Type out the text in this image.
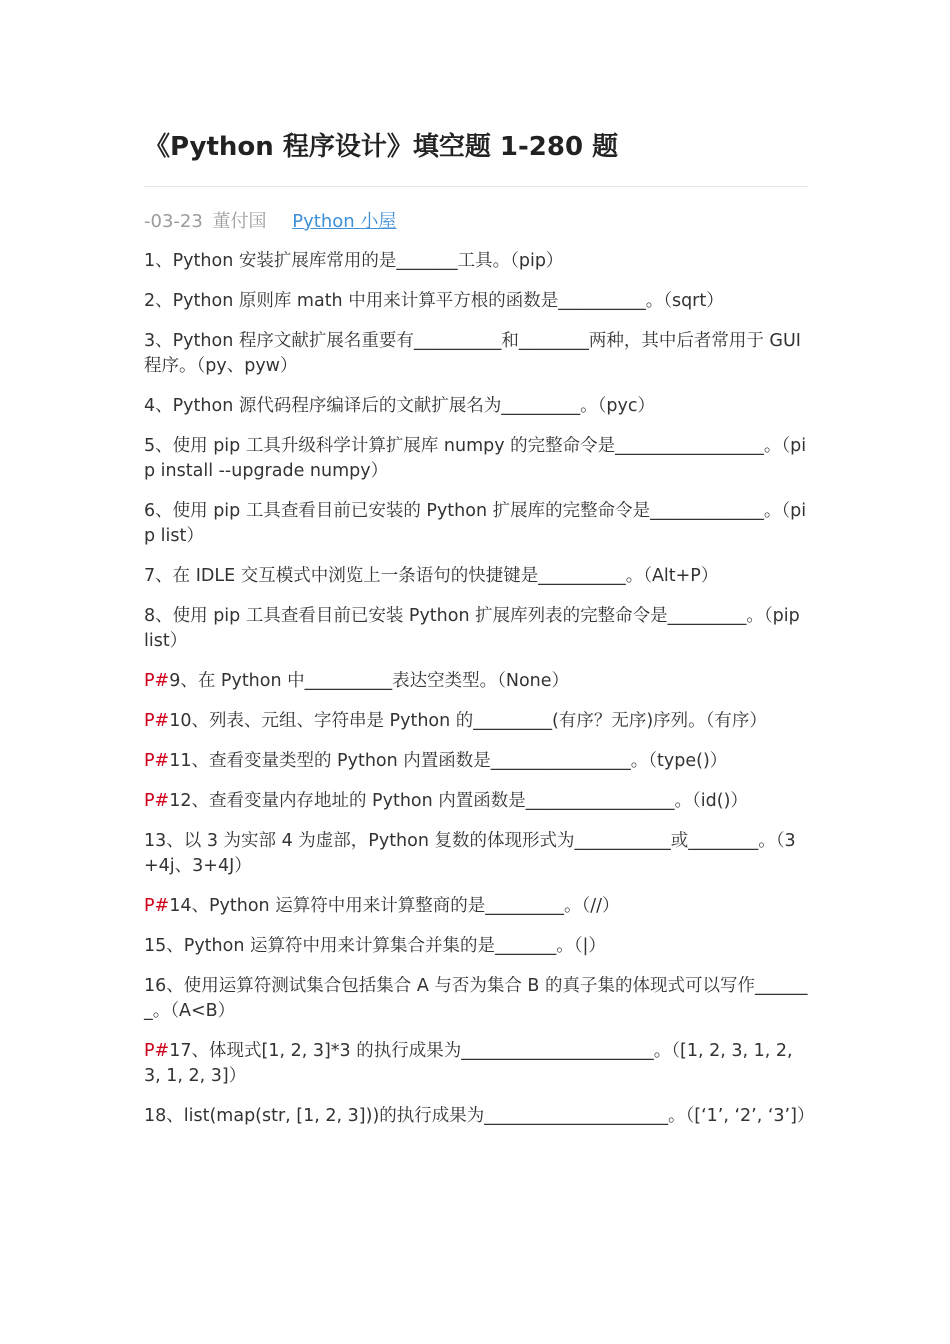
《Python 程序设计》填空题 1-280 题
-03-23 董付国 Python 小屋

1、Python 安装扩展库常用的是_______工具。（pip）

2、Python 原则库 math 中用来计算平方根的函数是__________。（sqrt）

3、Python 程序文献扩展名重要有__________和________两种，其中后者常用于 GUI 程序。（py、pyw）

4、Python 源代码程序编译后的文献扩展名为_________。（pyc）

5、使用 pip 工具升级科学计算扩展库 numpy 的完整命令是_________________。（pip install --upgrade numpy）

6、使用 pip 工具查看目前已安装的 Python 扩展库的完整命令是_____________。（pip list）

7、在 IDLE 交互模式中浏览上一条语句的快捷键是__________。（Alt+P）

8、使用 pip 工具查看目前已安装 Python 扩展库列表的完整命令是_________。（pip list）

P#9、在 Python 中__________表达空类型。（None）

P#10、列表、元组、字符串是 Python 的_________(有序？无序)序列。（有序）

P#11、查看变量类型的 Python 内置函数是________________。（type()）

P#12、查看变量内存地址的 Python 内置函数是_________________。（id()）

13、以 3 为实部 4 为虚部，Python 复数的体现形式为___________或________。（3+4j、3+4J）

P#14、Python 运算符中用来计算整商的是_________。（//）

15、Python 运算符中用来计算集合并集的是_______。（|）

16、使用运算符测试集合包括集合 A 与否为集合 B 的真子集的体现式可以写作_______。（A<B）

P#17、体现式[1, 2, 3]*3 的执行成果为______________________。（[1, 2, 3, 1, 2, 3, 1, 2, 3]）

18、list(map(str, [1, 2, 3]))的执行成果为_____________________。（[‘1’, ‘2’, ‘3’]）
